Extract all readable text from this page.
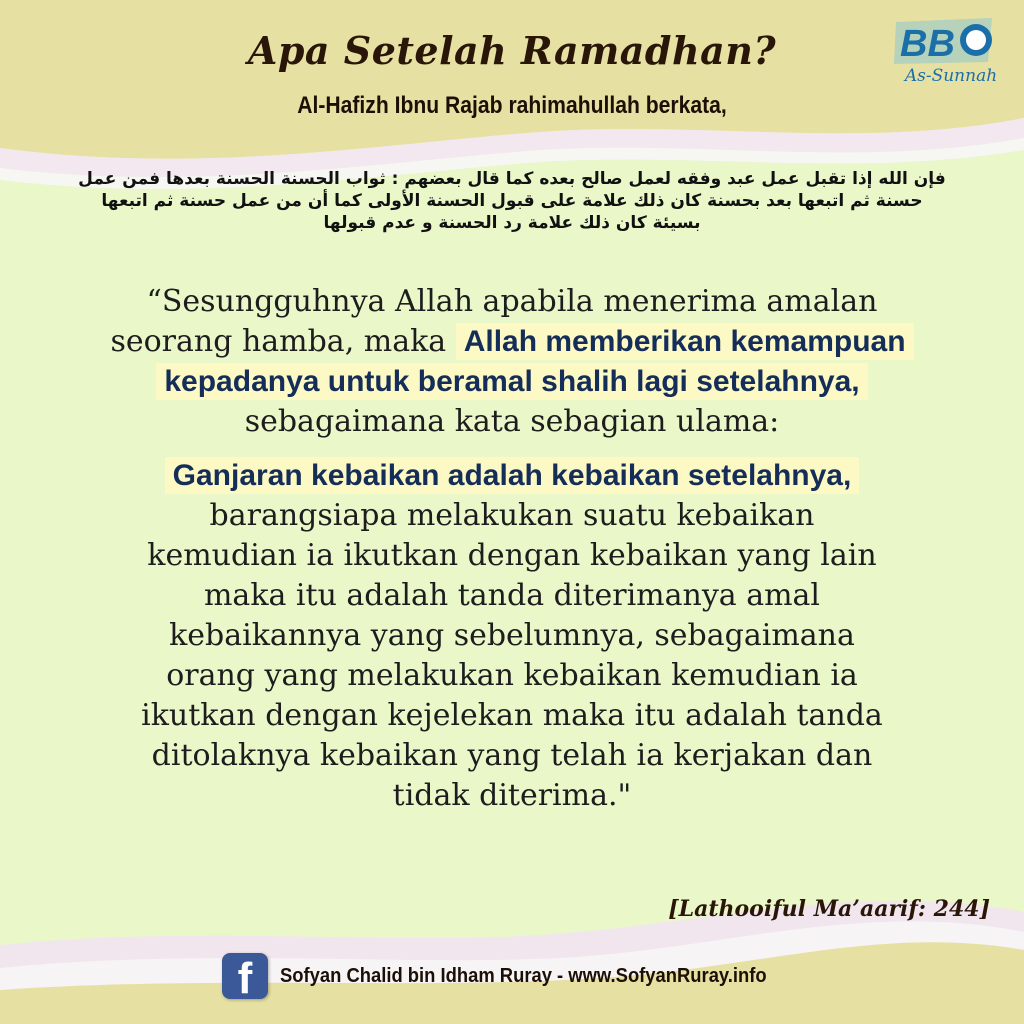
Apa Setelah Ramadhan?
Al-Hafizh Ibnu Rajab rahimahullah berkata,
BB
As-Sunnah
فإن الله إذا تقبل عمل عبد وفقه لعمل صالح بعده كما قال بعضهم : ثواب الحسنة الحسنة بعدها فمن عمل
حسنة ثم اتبعها بعد بحسنة كان ذلك علامة على قبول الحسنة الأولى كما أن من عمل حسنة ثم اتبعها
بسيئة كان ذلك علامة رد الحسنة و عدم قبولها
“Sesungguhnya Allah apabila menerima amalan
seorang hamba, maka Allah memberikan kemampuan
kepadanya untuk beramal shalih lagi setelahnya,
sebagaimana kata sebagian ulama:
Ganjaran kebaikan adalah kebaikan setelahnya,
barangsiapa melakukan suatu kebaikan
kemudian ia ikutkan dengan kebaikan yang lain
maka itu adalah tanda diterimanya amal
kebaikannya yang sebelumnya, sebagaimana
orang yang melakukan kebaikan kemudian ia
ikutkan dengan kejelekan maka itu adalah tanda
ditolaknya kebaikan yang telah ia kerjakan dan
tidak diterima."
[Lathooiful Ma’aarif: 244]
f Sofyan Chalid bin Idham Ruray - www.SofyanRuray.info
